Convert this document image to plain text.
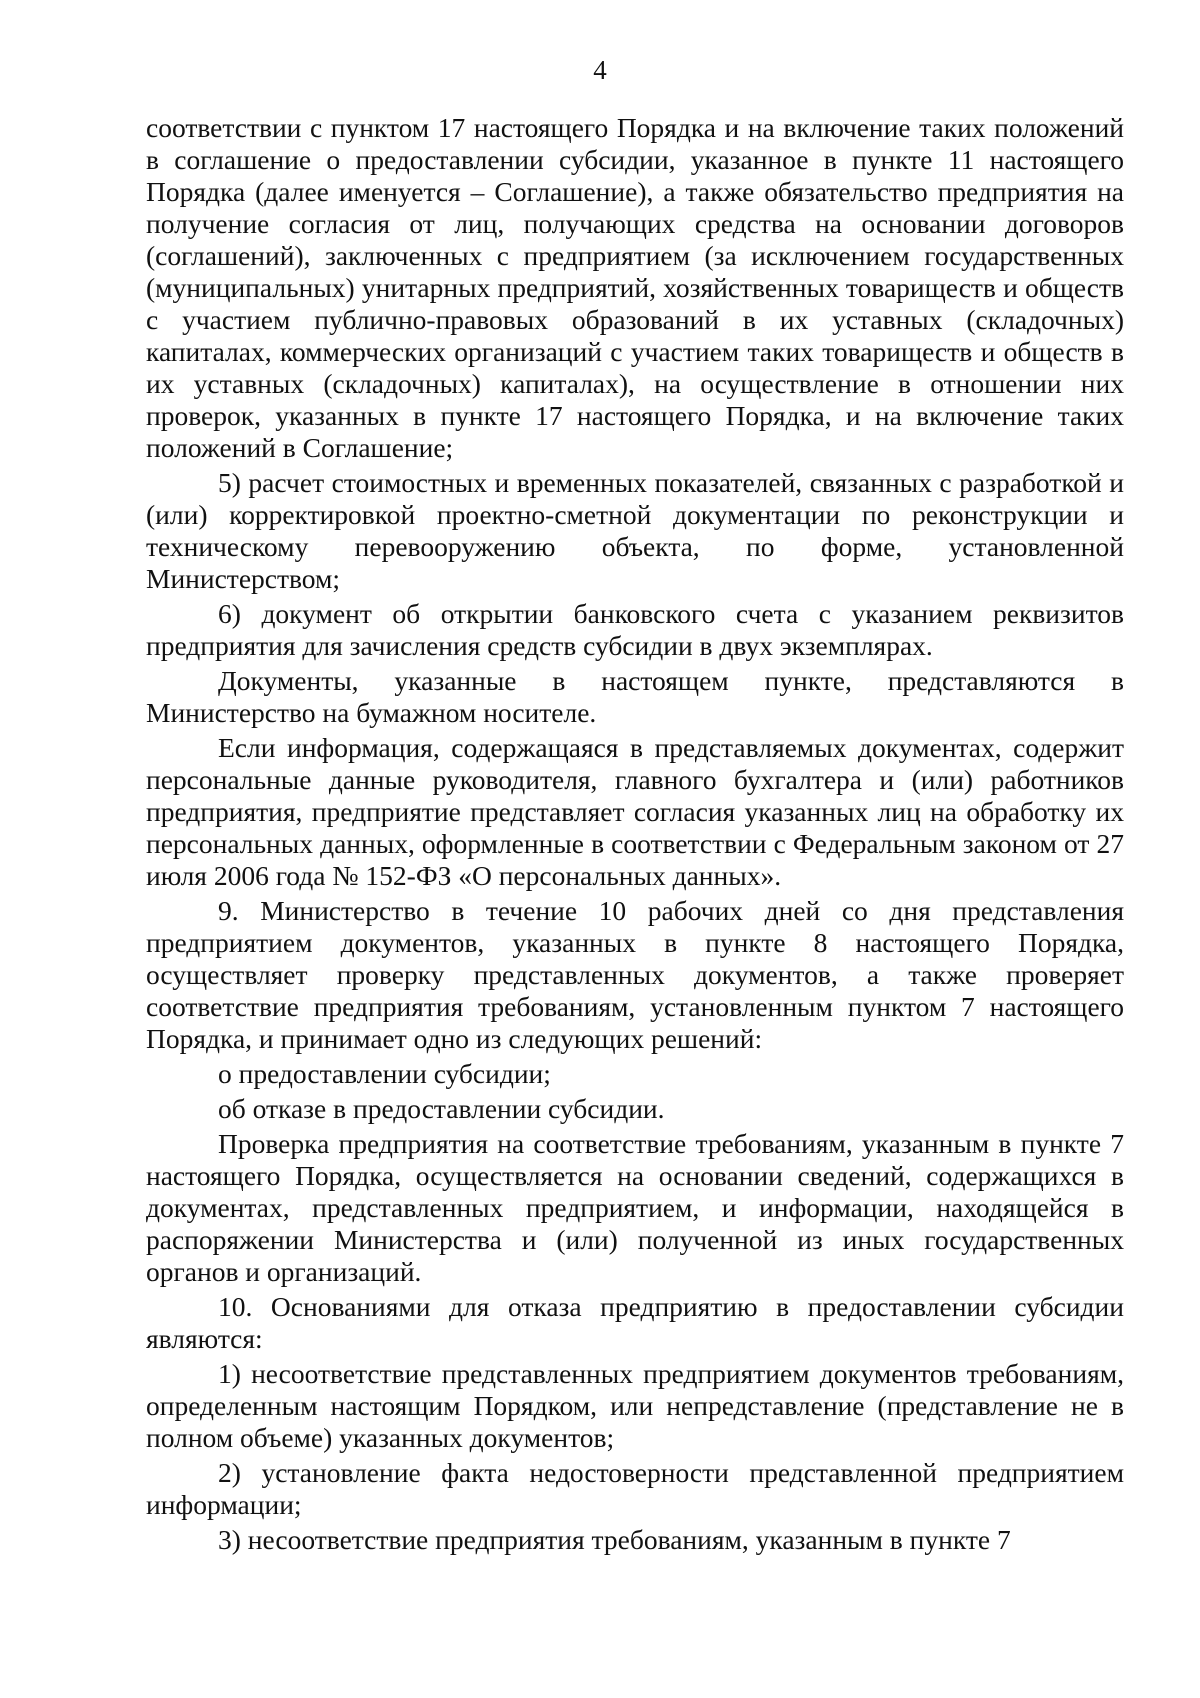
4

соответствии с пунктом 17 настоящего Порядка и на включение таких положений в соглашение о предоставлении субсидии, указанное в пункте 11 настоящего Порядка (далее именуется – Соглашение), а также обязательство предприятия на получение согласия от лиц, получающих средства на основании договоров (соглашений), заключенных с предприятием (за исключением государственных (муниципальных) унитарных предприятий, хозяйственных товариществ и обществ с участием публично-правовых образований в их уставных (складочных) капиталах, коммерческих организаций с участием таких товариществ и обществ в их уставных (складочных) капиталах), на осуществление в отношении них проверок, указанных в пункте 17 настоящего Порядка, и на включение таких положений в Соглашение;

5) расчет стоимостных и временных показателей, связанных с разработкой и (или) корректировкой проектно-сметной документации по реконструкции и техническому перевооружению объекта, по форме, установленной Министерством;

6) документ об открытии банковского счета с указанием реквизитов предприятия для зачисления средств субсидии в двух экземплярах.

Документы, указанные в настоящем пункте, представляются в Министерство на бумажном носителе.

Если информация, содержащаяся в представляемых документах, содержит персональные данные руководителя, главного бухгалтера и (или) работников предприятия, предприятие представляет согласия указанных лиц на обработку их персональных данных, оформленные в соответствии с Федеральным законом от 27 июля 2006 года № 152-ФЗ «О персональных данных».

9. Министерство в течение 10 рабочих дней со дня представления предприятием документов, указанных в пункте 8 настоящего Порядка, осуществляет проверку представленных документов, а также проверяет соответствие предприятия требованиям, установленным пунктом 7 настоящего Порядка, и принимает одно из следующих решений:

о предоставлении субсидии;

об отказе в предоставлении субсидии.

Проверка предприятия на соответствие требованиям, указанным в пункте 7 настоящего Порядка, осуществляется на основании сведений, содержащихся в документах, представленных предприятием, и информации, находящейся в распоряжении Министерства и (или) полученной из иных государственных органов и организаций.

10. Основаниями для отказа предприятию в предоставлении субсидии являются:

1) несоответствие представленных предприятием документов требованиям, определенным настоящим Порядком, или непредставление (представление не в полном объеме) указанных документов;

2) установление факта недостоверности представленной предприятием информации;

3) несоответствие предприятия требованиям, указанным в пункте 7
